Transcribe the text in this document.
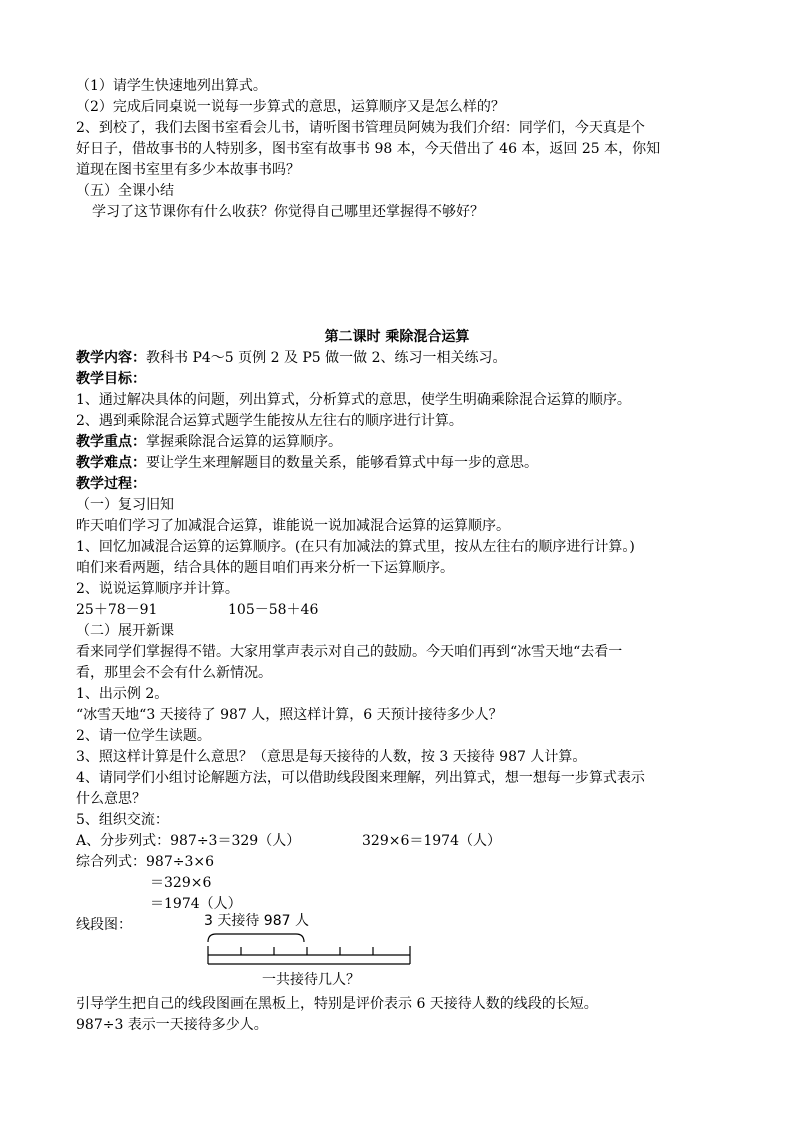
（1）请学生快速地列出算式。
（2）完成后同桌说一说每一步算式的意思，运算顺序又是怎么样的？
2、到校了，我们去图书室看会儿书，请听图书管理员阿姨为我们介绍：同学们，今天真是个
好日子，借故事书的人特别多，图书室有故事书 98 本，今天借出了 46 本，返回 25 本，你知
道现在图书室里有多少本故事书吗？
（五）全课小结
学习了这节课你有什么收获？你觉得自己哪里还掌握得不够好？
第二课时 乘除混合运算
教学内容：教科书 P4～5 页例 2 及 P5 做一做 2、练习一相关练习。
教学目标：
1、通过解决具体的问题，列出算式，分析算式的意思，使学生明确乘除混合运算的顺序。
2、遇到乘除混合运算式题学生能按从左往右的顺序进行计算。
教学重点：掌握乘除混合运算的运算顺序。
教学难点：要让学生来理解题目的数量关系，能够看算式中每一步的意思。
教学过程：
（一）复习旧知
昨天咱们学习了加减混合运算，谁能说一说加减混合运算的运算顺序。
1、回忆加减混合运算的运算顺序。(在只有加减法的算式里，按从左往右的顺序进行计算。)
咱们来看两题，结合具体的题目咱们再来分析一下运算顺序。
2、说说运算顺序并计算。
25＋78－91	105－58＋46
（二）展开新课
看来同学们掌握得不错。大家用掌声表示对自己的鼓励。今天咱们再到“冰雪天地“去看一
看，那里会不会有什么新情况。
1、出示例 2。
“冰雪天地“3 天接待了 987 人，照这样计算，6 天预计接待多少人？
2、请一位学生读题。
3、照这样计算是什么意思？（意思是每天接待的人数，按 3 天接待 987 人计算。
4、请同学们小组讨论解题方法，可以借助线段图来理解，列出算式，想一想每一步算式表示
什么意思？
5、组织交流：
A、分步列式：987÷3＝329（人）	329×6＝1974（人）
综合列式：987÷3×6
＝329×6
＝1974（人）
线段图：	3 天接待 987 人
一共接待几人？
引导学生把自己的线段图画在黑板上，特别是评价表示 6 天接待人数的线段的长短。
987÷3 表示一天接待多少人。
